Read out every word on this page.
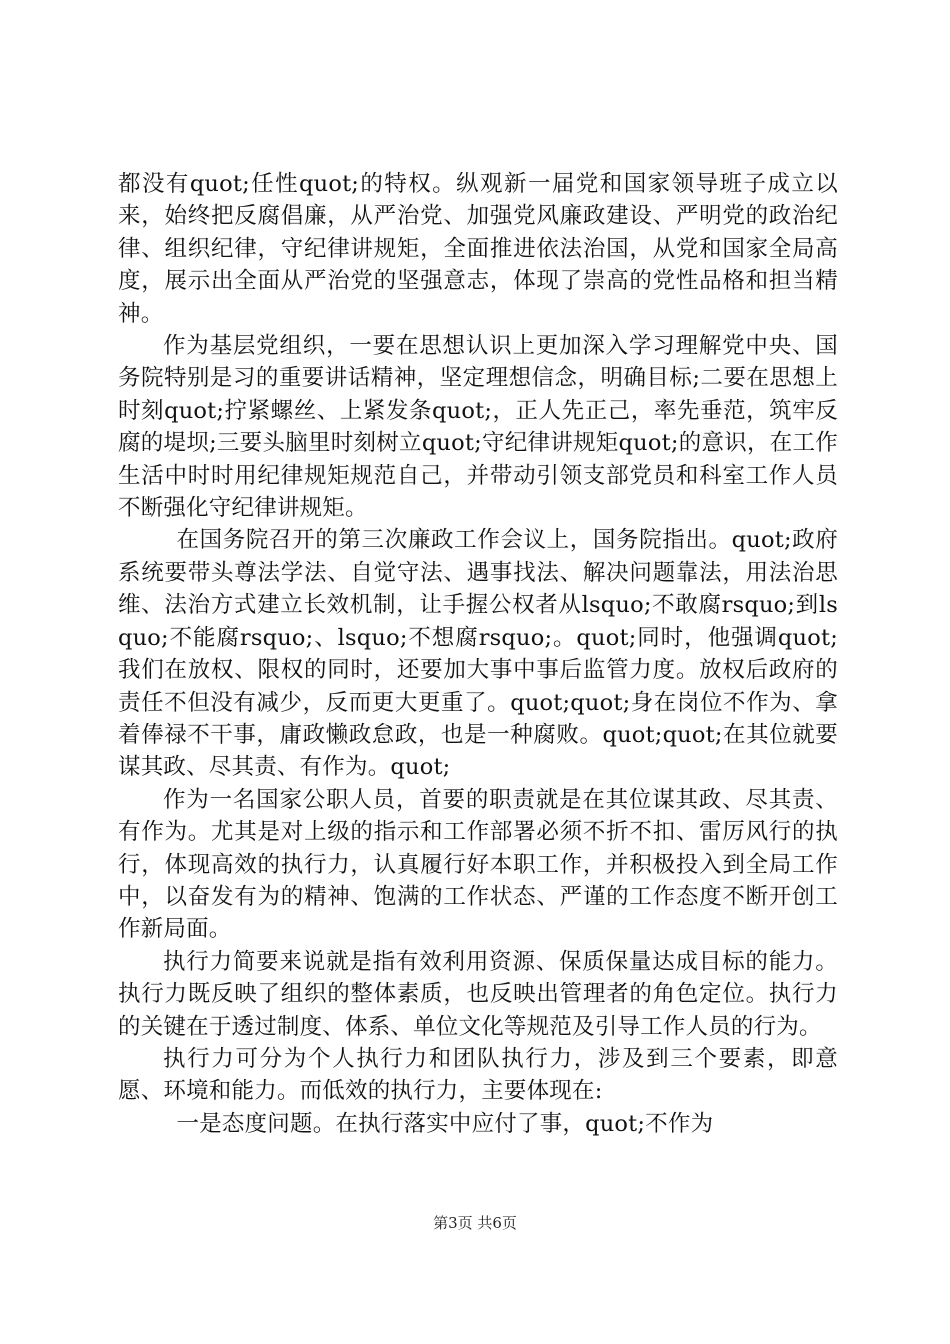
都没有quot;任性quot;的特权。纵观新一届党和国家领导班子成立以来，始终把反腐倡廉，从严治党、加强党风廉政建设、严明党的政治纪律、组织纪律，守纪律讲规矩，全面推进依法治国，从党和国家全局高度，展示出全面从严治党的坚强意志，体现了崇高的党性品格和担当精神。

作为基层党组织，一要在思想认识上更加深入学习理解党中央、国务院特别是习的重要讲话精神，坚定理想信念，明确目标;二要在思想上时刻quot;拧紧螺丝、上紧发条quot;，正人先正己，率先垂范，筑牢反腐的堤坝;三要头脑里时刻树立quot;守纪律讲规矩quot;的意识，在工作生活中时时用纪律规矩规范自己，并带动引领支部党员和科室工作人员不断强化守纪律讲规矩。

在国务院召开的第三次廉政工作会议上，国务院指出。quot;政府系统要带头尊法学法、自觉守法、遇事找法、解决问题靠法，用法治思维、法治方式建立长效机制，让手握公权者从lsquo;不敢腐rsquo;到lsquo;不能腐rsquo;、lsquo;不想腐rsquo;。quot;同时，他强调quot;我们在放权、限权的同时，还要加大事中事后监管力度。放权后政府的责任不但没有减少，反而更大更重了。quot;quot;身在岗位不作为、拿着俸禄不干事，庸政懒政怠政，也是一种腐败。quot;quot;在其位就要谋其政、尽其责、有作为。quot;

作为一名国家公职人员，首要的职责就是在其位谋其政、尽其责、有作为。尤其是对上级的指示和工作部署必须不折不扣、雷厉风行的执行，体现高效的执行力，认真履行好本职工作，并积极投入到全局工作中，以奋发有为的精神、饱满的工作状态、严谨的工作态度不断开创工作新局面。

执行力简要来说就是指有效利用资源、保质保量达成目标的能力。执行力既反映了组织的整体素质，也反映出管理者的角色定位。执行力的关键在于透过制度、体系、单位文化等规范及引导工作人员的行为。

执行力可分为个人执行力和团队执行力，涉及到三个要素，即意愿、环境和能力。而低效的执行力，主要体现在:

一是态度问题。在执行落实中应付了事，quot;不作为

第3页 共6页
